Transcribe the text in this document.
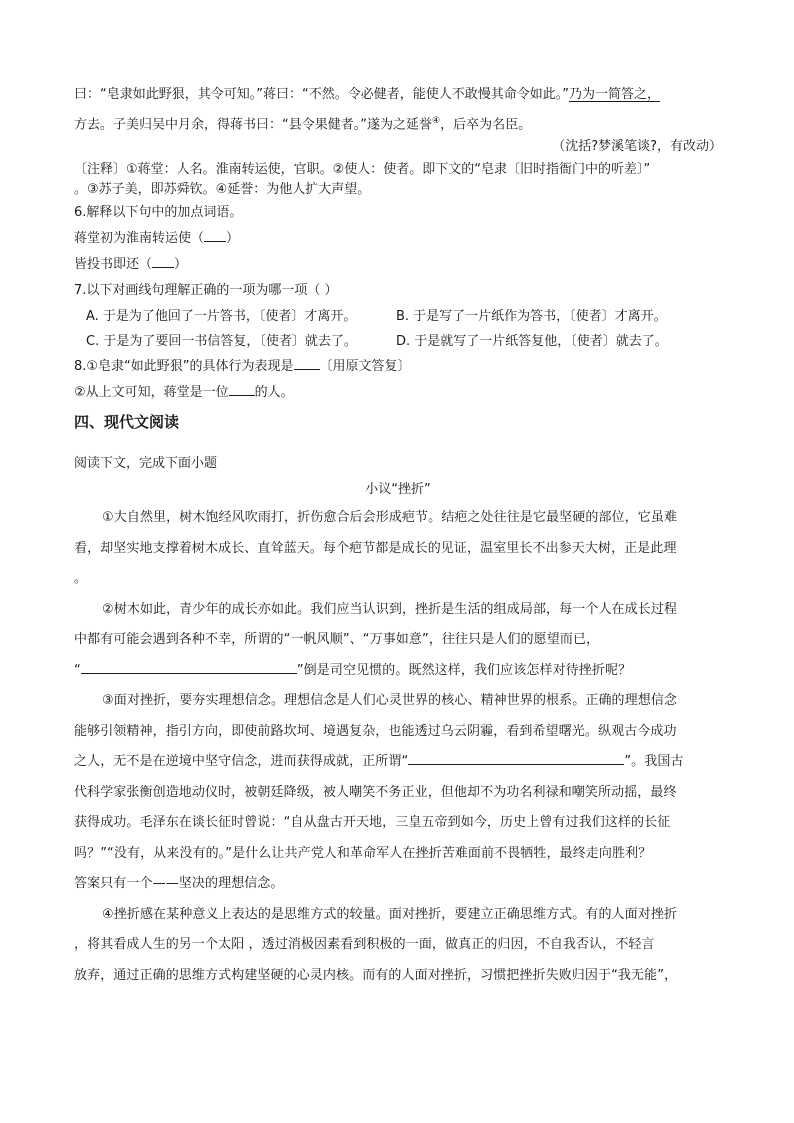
曰：“皂隶如此野狠，其令可知。”蒋曰：“不然。令必健者，能使人不敢慢其命令如此。”乃为一简答之，

方去。子美归吴中月余，得蒋书曰：“县令果健者。”遂为之延誉④，后卒为名臣。

（沈括?梦溪笔谈?，有改动）

〔注释〕①蒋堂：人名。淮南转运使，官职。②使人：使者。即下文的“皂隶〔旧时指衙门中的听差〕”

。③苏子美，即苏舜钦。④延誉：为他人扩大声望。

6.解释以下句中的加点词语。

蒋堂初为淮南转运使（ ）

皆投书即还（ ）

7.以下对画线句理解正确的一项为哪一项（ ）

A. 于是为了他回了一片答书，〔使者〕才离开。	B. 于是写了一片纸作为答书，〔使者〕才离开。
C. 于是为了要回一书信答复，〔使者〕就去了。	D. 于是就写了一片纸答复他，〔使者〕就去了。

8.①皂隶“如此野狠”的具体行为表现是 〔用原文答复〕

②从上文可知，蒋堂是一位 的人。

四、现代文阅读

阅读下文，完成下面小题

小议“挫折”

①大自然里，树木饱经风吹雨打，折伤愈合后会形成疤节。结疤之处往往是它最坚硬的部位，它虽难

看，却坚实地支撑着树木成长、直耸蓝天。每个疤节都是成长的见证，温室里长不出参天大树，正是此理

。

②树木如此，青少年的成长亦如此。我们应当认识到，挫折是生活的组成局部，每一个人在成长过程

中都有可能会遇到各种不幸，所谓的“一帆风顺”、“万事如意”，往往只是人们的愿望而已，

“	”倒是司空见惯的。既然这样，我们应该怎样对待挫折呢？

③面对挫折，要夯实理想信念。理想信念是人们心灵世界的核心、精神世界的根系。正确的理想信念

能够引领精神，指引方向，即使前路坎坷、境遇复杂，也能透过乌云阴霾，看到希望曙光。纵观古今成功

之人，无不是在逆境中坚守信念，进而获得成就，正所谓“	”。我国古

代科学家张衡创造地动仪时，被朝廷降级，被人嘲笑不务正业，但他却不为功名利禄和嘲笑所动摇，最终

获得成功。毛泽东在谈长征时曾说：“自从盘古开天地，三皇五帝到如今，历史上曾有过我们这样的长征

吗？”“没有，从来没有的。”是什么让共产党人和革命军人在挫折苦难面前不畏牺牲，最终走向胜利？

答案只有一个——坚决的理想信念。

④挫折感在某种意义上表达的是思维方式的较量。面对挫折，要建立正确思维方式。有的人面对挫折

，将其看成人生的另一个太阳 ，透过消极因素看到积极的一面，做真正的归因，不自我否认，不轻言

放弃，通过正确的思维方式构建坚硬的心灵内核。而有的人面对挫折，习惯把挫折失败归因于“我无能”，
